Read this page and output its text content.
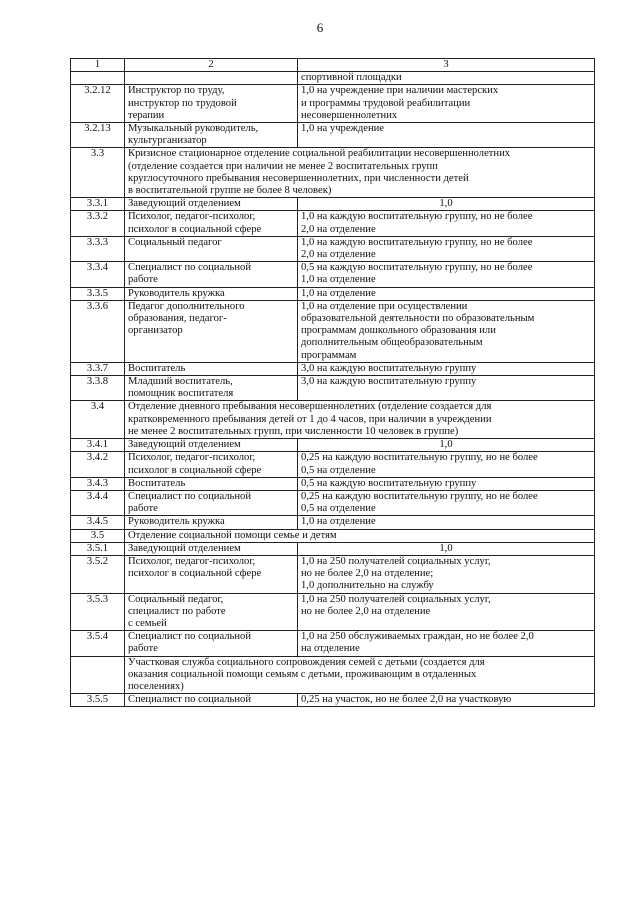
6
1	2	3
		спортивной площадки
3.2.12	Инструктор по труду,
инструктор по трудовой
терапии	1,0 на учреждение при наличии мастерских
и программы трудовой реабилитации
несовершеннолетних
3.2.13	Музыкальный руководитель,
культурганизатор	1,0 на учреждение
3.3	Кризисное стационарное отделение социальной реабилитации несовершеннолетних
(отделение создается при наличии не менее 2 воспитательных групп
круглосуточного пребывания несовершеннолетних, при численности детей
в воспитательной группе не более 8 человек)	
3.3.1	Заведующий отделением	1,0
3.3.2	Психолог, педагог-психолог,
психолог в социальной сфере	1,0 на каждую воспитательную группу, но не более
2,0 на отделение
3.3.3	Социальный педагог	1,0 на каждую воспитательную группу, но не более
2,0 на отделение
3.3.4	Специалист по социальной
работе	0,5 на каждую воспитательную группу, но не более
1,0 на отделение
3.3.5	Руководитель кружка	1,0 на отделение
3.3.6	Педагог дополнительного
образования, педагог-
организатор	1,0 на отделение при осуществлении
образовательной деятельности по образовательным
программам дошкольного образования или
дополнительным общеобразовательным
программам
3.3.7	Воспитатель	3,0 на каждую воспитательную группу
3.3.8	Младший воспитатель,
помощник воспитателя	3,0 на каждую воспитательную группу
3.4	Отделение дневного пребывания несовершеннолетних (отделение создается для
кратковременного пребывания детей от 1 до 4 часов, при наличии в учреждении
не менее 2 воспитательных групп, при численности 10 человек в группе)	
3.4.1	Заведующий отделением	1,0
3.4.2	Психолог, педагог-психолог,
психолог в социальной сфере	0,25 на каждую воспитательную группу, но не более
0,5 на отделение
3.4.3	Воспитатель	0,5 на каждую воспитательную группу
3.4.4	Специалист по социальной
работе	0,25 на каждую воспитательную группу, но не более
0,5 на отделение
3.4.5	Руководитель кружка	1,0 на отделение
3.5	Отделение социальной помощи семье и детям	
3.5.1	Заведующий отделением	1,0
3.5.2	Психолог, педагог-психолог,
психолог в социальной сфере	1,0 на 250 получателей социальных услуг,
но не более 2,0 на отделение;
1,0 дополнительно на службу
3.5.3	Социальный педагог,
специалист по работе
с семьей	1,0 на 250 получателей социальных услуг,
но не более 2,0 на отделение
3.5.4	Специалист по социальной
работе	1,0 на 250 обслуживаемых граждан, но не более 2,0
на отделение
	Участковая служба социального сопровождения семей с детьми (создается для
оказания социальной помощи семьям с детьми, проживающим в отдаленных
поселениях)	
3.5.5	Специалист по социальной	0,25 на участок, но не более 2,0 на участковую
